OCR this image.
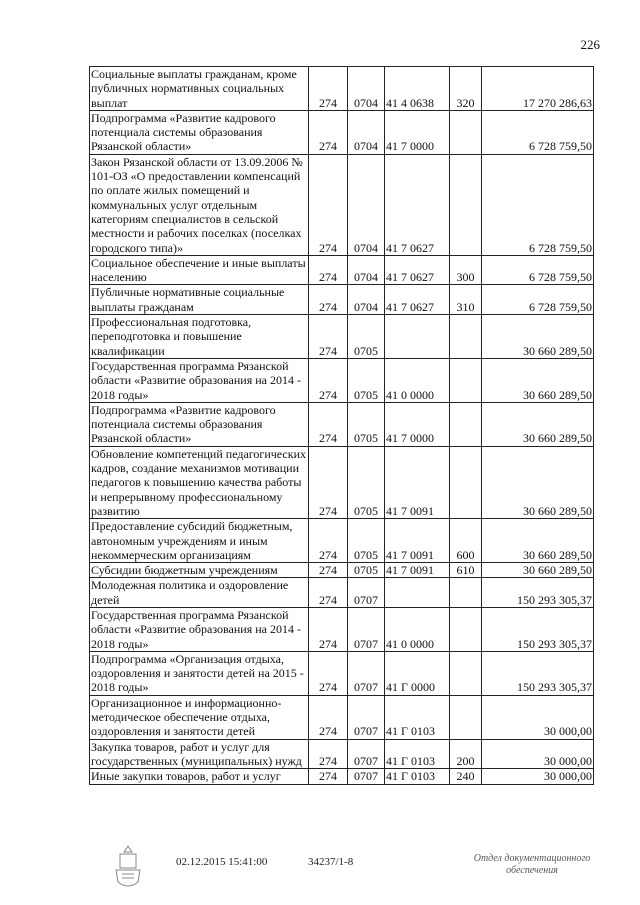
226
Социальные выплаты гражданам, кроме публичных нормативных социальных выплат	274	0704	41 4 0638	320	17 270 286,63
Подпрограмма «Развитие кадрового потенциала системы образования Рязанской области»	274	0704	41 7 0000		6 728 759,50
Закон Рязанской области от 13.09.2006 № 101-ОЗ «О предоставлении компенсаций по оплате жилых помещений и коммунальных услуг отдельным категориям специалистов в сельской местности и рабочих поселках (поселках городского типа)»	274	0704	41 7 0627		6 728 759,50
Социальное обеспечение и иные выплаты населению	274	0704	41 7 0627	300	6 728 759,50
Публичные нормативные социальные выплаты гражданам	274	0704	41 7 0627	310	6 728 759,50
Профессиональная подготовка, переподготовка и повышение квалификации	274	0705			30 660 289,50
Государственная программа Рязанской области «Развитие образования на 2014 - 2018 годы»	274	0705	41 0 0000		30 660 289,50
Подпрограмма «Развитие кадрового потенциала системы образования Рязанской области»	274	0705	41 7 0000		30 660 289,50
Обновление компетенций педагогических кадров, создание механизмов мотивации педагогов к повышению качества работы и непрерывному профессиональному развитию	274	0705	41 7 0091		30 660 289,50
Предоставление субсидий бюджетным, автономным учреждениям и иным некоммерческим организациям	274	0705	41 7 0091	600	30 660 289,50
Субсидии бюджетным учреждениям	274	0705	41 7 0091	610	30 660 289,50
Молодежная политика и оздоровление детей	274	0707			150 293 305,37
Государственная программа Рязанской области «Развитие образования на 2014 - 2018 годы»	274	0707	41 0 0000		150 293 305,37
Подпрограмма «Организация отдыха, оздоровления и занятости детей на 2015 - 2018 годы»	274	0707	41 Г 0000		150 293 305,37
Организационное и информационно-методическое обеспечение отдыха, оздоровления и занятости детей	274	0707	41 Г 0103		30 000,00
Закупка товаров, работ и услуг для государственных (муниципальных) нужд	274	0707	41 Г 0103	200	30 000,00
Иные закупки товаров, работ и услуг	274	0707	41 Г 0103	240	30 000,00
02.12.2015 15:41:00	34237/1-8	Отдел документационного обеспечения
